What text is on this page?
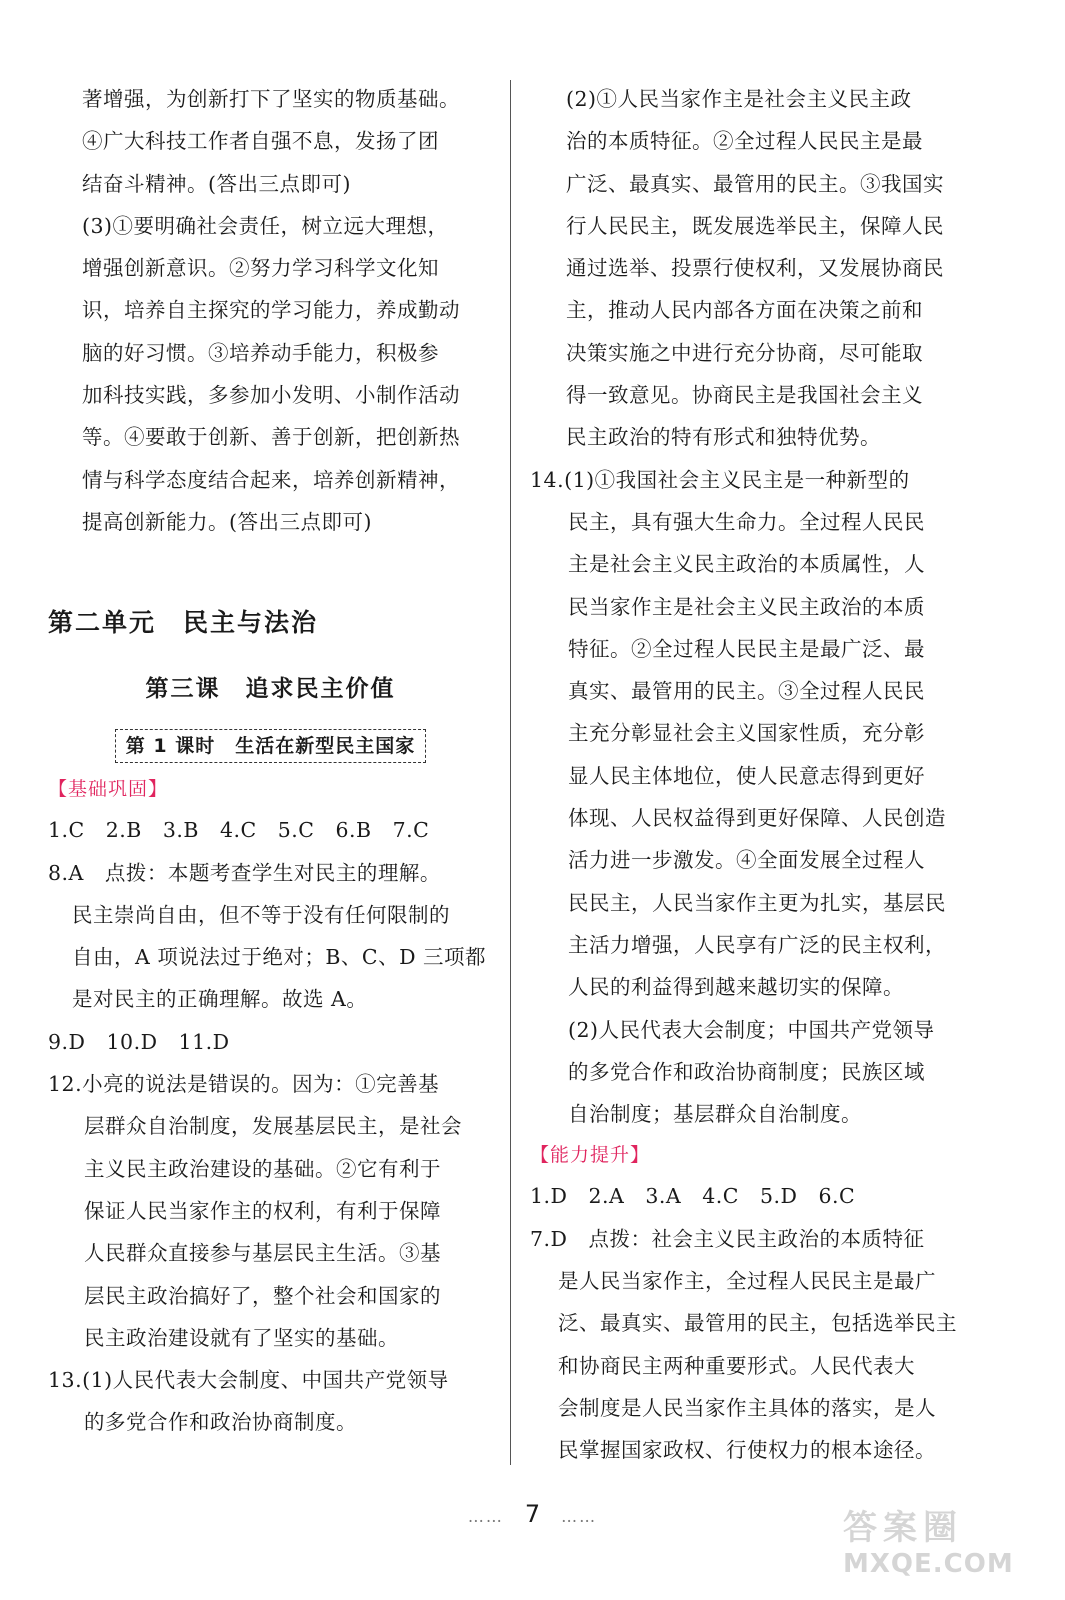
著增强，为创新打下了坚实的物质基础。

④广大科技工作者自强不息，发扬了团

结奋斗精神。(答出三点即可)

(3)①要明确社会责任，树立远大理想，

增强创新意识。②努力学习科学文化知

识，培养自主探究的学习能力，养成勤动

脑的好习惯。③培养动手能力，积极参

加科技实践，多参加小发明、小制作活动

等。④要敢于创新、善于创新，把创新热

情与科学态度结合起来，培养创新精神，

提高创新能力。(答出三点即可)

第二单元　民主与法治
第三课　追求民主价值
第 1 课时　生活在新型民主国家
【基础巩固】

1.C　2.B　3.B　4.C　5.C　6.B　7.C

8.A　点拨：本题考查学生对民主的理解。

民主崇尚自由，但不等于没有任何限制的

自由，A 项说法过于绝对；B、C、D 三项都

是对民主的正确理解。故选 A。

9.D　10.D　11.D

12.小亮的说法是错误的。因为：①完善基

层群众自治制度，发展基层民主，是社会

主义民主政治建设的基础。②它有利于

保证人民当家作主的权利，有利于保障

人民群众直接参与基层民主生活。③基

层民主政治搞好了，整个社会和国家的

民主政治建设就有了坚实的基础。

13.(1)人民代表大会制度、中国共产党领导

的多党合作和政治协商制度。

(2)①人民当家作主是社会主义民主政

治的本质特征。②全过程人民民主是最

广泛、最真实、最管用的民主。③我国实

行人民民主，既发展选举民主，保障人民

通过选举、投票行使权利，又发展协商民

主，推动人民内部各方面在决策之前和

决策实施之中进行充分协商，尽可能取

得一致意见。协商民主是我国社会主义

民主政治的特有形式和独特优势。

14.(1)①我国社会主义民主是一种新型的

民主，具有强大生命力。全过程人民民

主是社会主义民主政治的本质属性，人

民当家作主是社会主义民主政治的本质

特征。②全过程人民民主是最广泛、最

真实、最管用的民主。③全过程人民民

主充分彰显社会主义国家性质，充分彰

显人民主体地位，使人民意志得到更好

体现、人民权益得到更好保障、人民创造

活力进一步激发。④全面发展全过程人

民民主，人民当家作主更为扎实，基层民

主活力增强，人民享有广泛的民主权利，

人民的利益得到越来越切实的保障。

(2)人民代表大会制度；中国共产党领导

的多党合作和政治协商制度；民族区域

自治制度；基层群众自治制度。

【能力提升】

1.D　2.A　3.A　4.C　5.D　6.C

7.D　点拨：社会主义民主政治的本质特征

是人民当家作主，全过程人民民主是最广

泛、最真实、最管用的民主，包括选举民主

和协商民主两种重要形式。人民代表大

会制度是人民当家作主具体的落实，是人

民掌握国家政权、行使权力的根本途径。

…… 7 ……	答案圈
MXQE.COM
